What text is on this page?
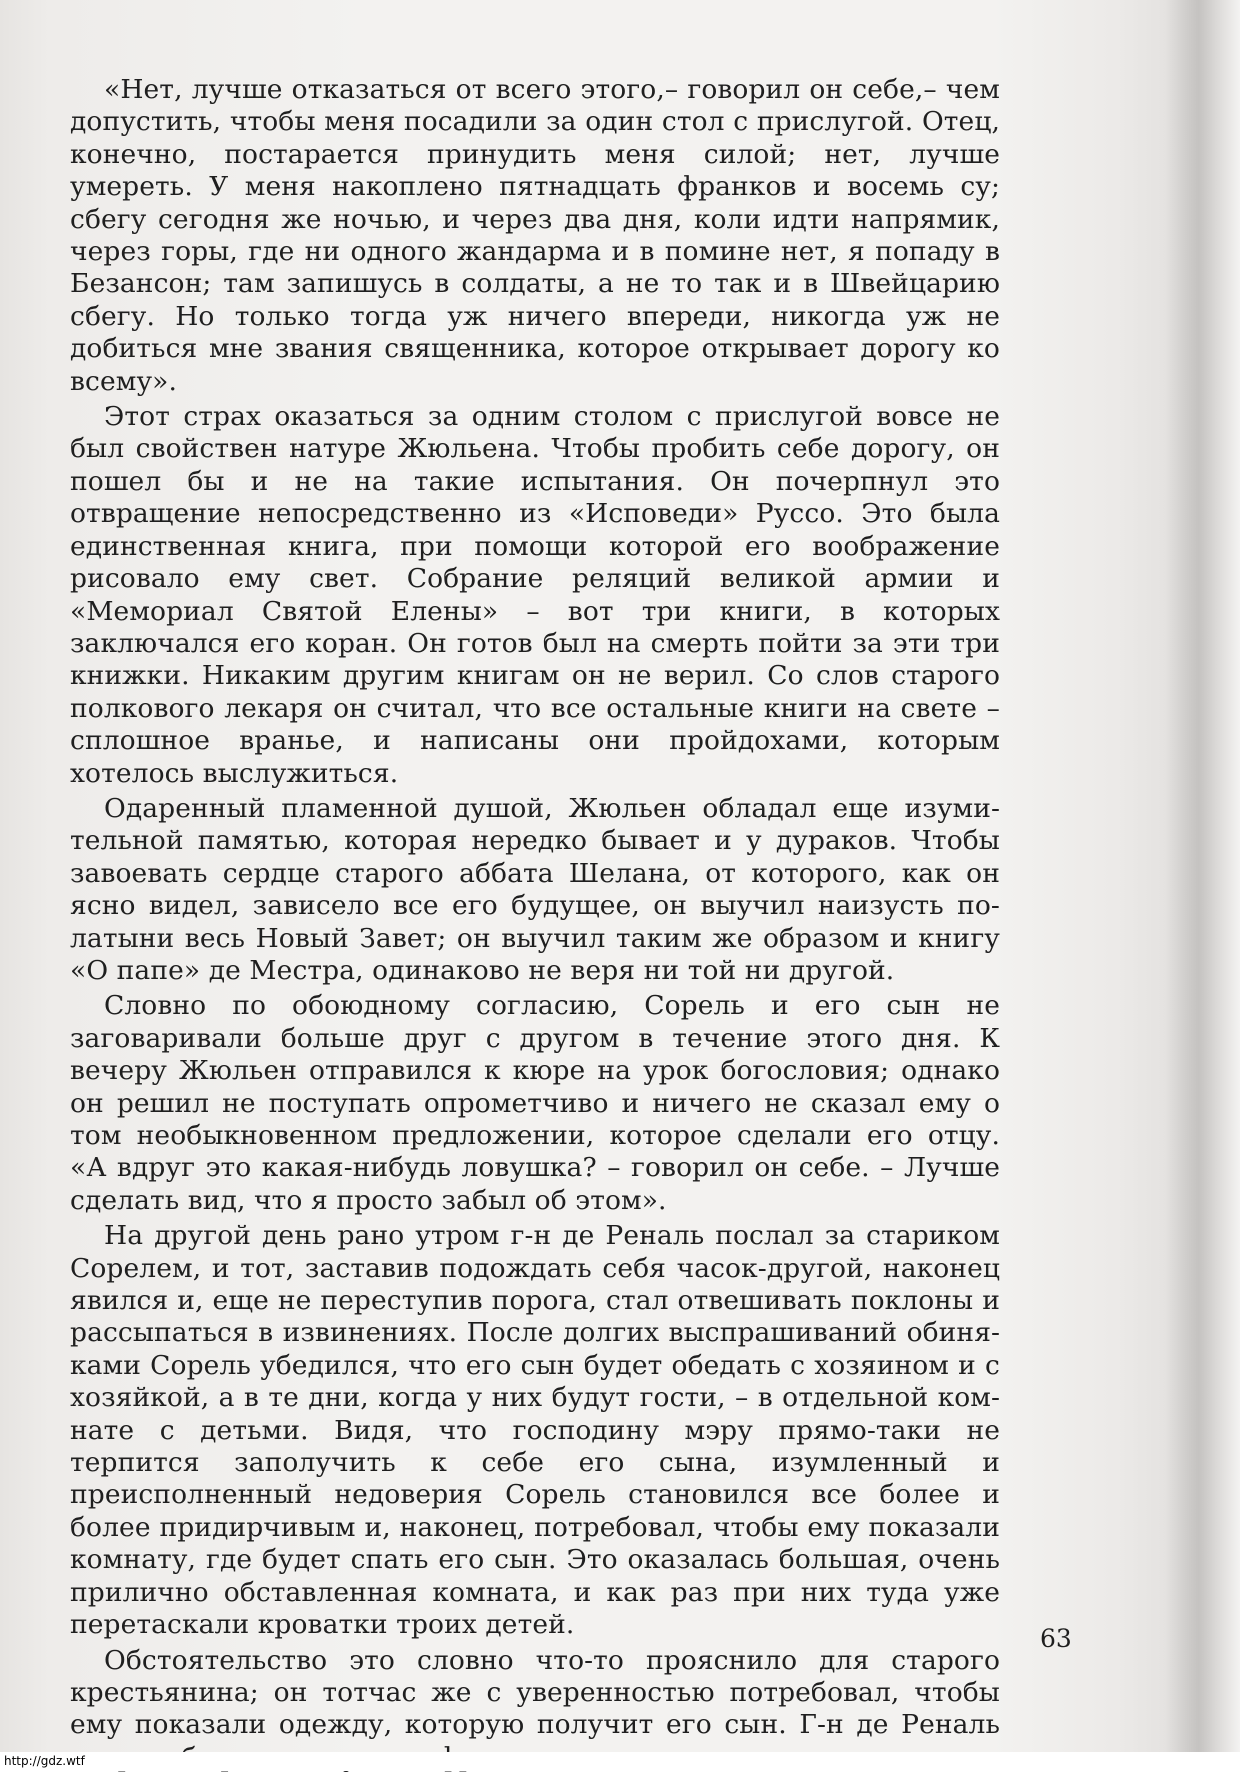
«Нет, лучше отказаться от всего этого,– говорил он себе,– чем допустить, чтобы меня посадили за один стол с прислугой. Отец, конечно, постарается принудить меня силой; нет, лучше умереть. У меня накоплено пятнадцать франков и восемь су; сбегу сегодня же ночью, и через два дня, коли идти напрямик, через горы, где ни одного жандарма и в помине нет, я попаду в Безансон; там запишусь в солдаты, а не то так и в Швейцарию сбегу. Но только тогда уж ничего впереди, никогда уж не добиться мне звания священника, которое открывает дорогу ко всему».

Этот страх оказаться за одним столом с прислугой вовсе не был свойствен натуре Жюльена. Чтобы пробить себе дорогу, он пошел бы и не на такие испытания. Он почерпнул это отвращение непосредственно из «Исповеди» Руссо. Это была единственная книга, при помощи которой его воображение рисовало ему свет. Собрание реляций великой армии и «Мемориал Святой Елены» – вот три книги, в которых заключался его коран. Он готов был на смерть пойти за эти три книжки. Никаким другим книгам он не верил. Со слов старого полкового лекаря он считал, что все остальные книги на свете – сплошное вранье, и написаны они пройдохами, которым хотелось выслужиться.

Одаренный пламенной душой, Жюльен обладал еще изумительной памятью, которая нередко бывает и у дураков. Чтобы завоевать сердце старого аббата Шелана, от которого, как он ясно видел, зависело все его будущее, он выучил наизусть по-латыни весь Новый Завет; он выучил таким же образом и книгу «О папе» де Местра, одинаково не веря ни той ни другой.

Словно по обоюдному согласию, Сорель и его сын не заговаривали больше друг с другом в течение этого дня. К вечеру Жюльен отправился к кюре на урок богословия; однако он решил не поступать опрометчиво и ничего не сказал ему о том необыкновенном предложении, которое сделали его отцу. «А вдруг это какая-нибудь ловушка? – говорил он себе. – Лучше сделать вид, что я просто забыл об этом».

На другой день рано утром г-н де Реналь послал за стариком Сорелем, и тот, заставив подождать себя часок-другой, наконец явился и, еще не переступив порога, стал отвешивать поклоны и рассыпаться в извинениях. После долгих выспрашиваний обиняками Сорель убедился, что его сын будет обедать с хозяином и с хозяйкой, а в те дни, когда у них будут гости, – в отдельной комнате с детьми. Видя, что господину мэру прямо-таки не терпится заполучить к себе его сына, изумленный и преисполненный недоверия Сорель становился все более и более придирчивым и, наконец, потребовал, чтобы ему показали комнату, где будет спать его сын. Это оказалась большая, очень прилично обставленная комната, и как раз при них туда уже перетаскали кроватки троих детей.

Обстоятельство это словно что-то прояснило для старого крестьянина; он тотчас же с уверенностью потребовал, чтобы ему показали одежду, которую получит его сын. Г-н де Реналь

63
http://gdz.wtf
